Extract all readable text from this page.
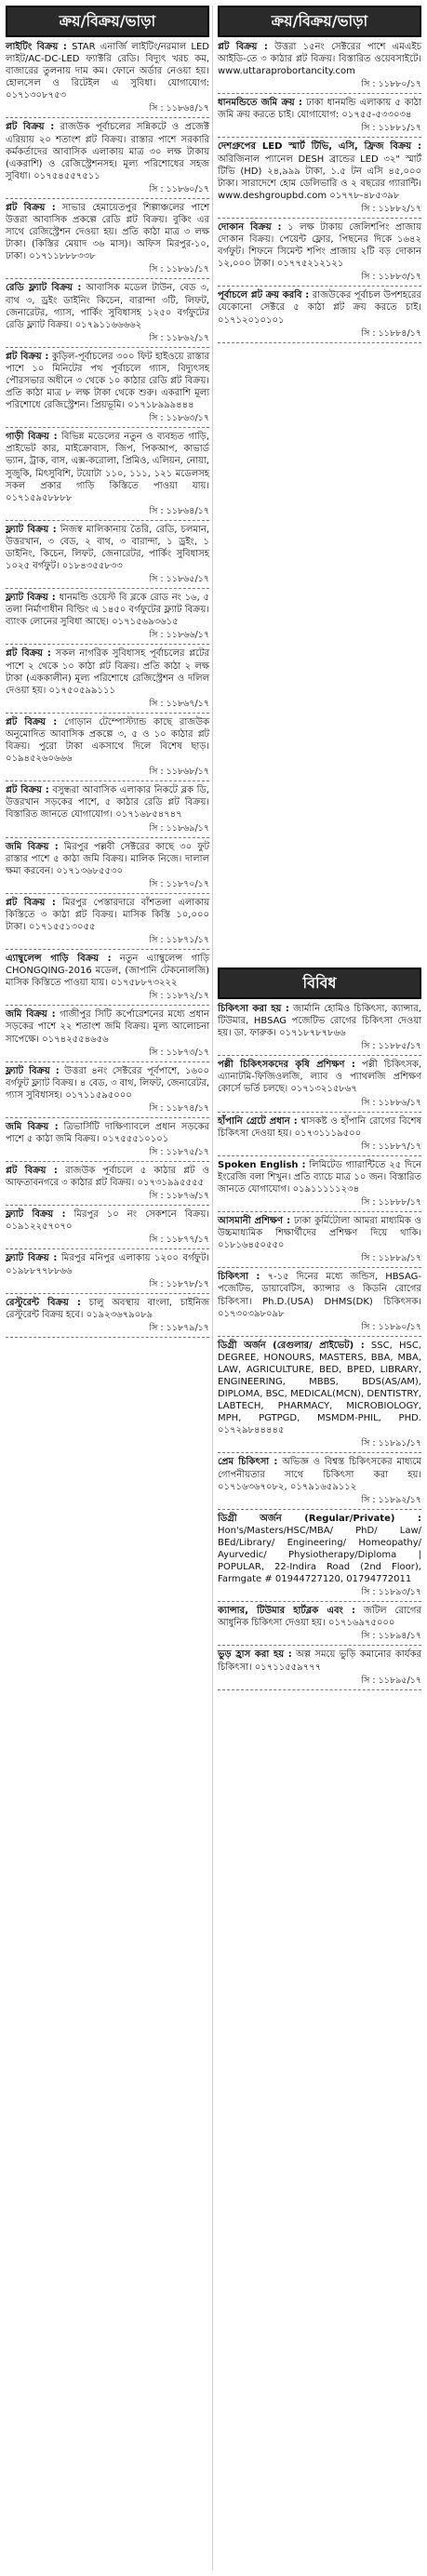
ক্রয়/বিক্রয়/ভাড়া
লাইটিং বিক্রয় : STAR এনার্জি লাইটিং/নরমাল LED লাইট/AC-DC-LED ফ্যাক্টরি রেডি। বিদ্যুৎ খরচ কম, বাজারের তুলনায় দাম কম। ফোনে অর্ডার নেওয়া হয়। হোলসেল ও রিটেইল এ সুবিধা। যোগাযোগ: ০১৭১৩০৮৭৫৩
সি : ১১৮৬৪/১৭
প্লট বিক্রয় : রাজউক পূর্বাচলের সন্নিকটে ও প্রজেক্ট এরিয়ায় ২০ শতাংশ প্লট বিক্রয়। রাস্তার পাশে সরকারি কর্মকর্তাদের আবাসিক এলাকায় মাত্র ৩০ লক্ষ টাকায় (একরাশি) ও রেজিস্ট্রেশনসহ। মূল্য পরিশোধের সহজ সুবিধা। ০১৭৫৪৫৫৭৫১১
সি : ১১৮৬০/১৭
প্লট বিক্রয় : সাভার হেমায়েতপুর শিল্পাঞ্চলের পাশে উত্তরা আবাসিক প্রকল্পে রেডি প্লট বিক্রয়। বুকিং এর সাথে রেজিস্ট্রেশন দেওয়া হয়। প্রতি কাঠা মাত্র ৩ লক্ষ টাকা। (কিস্তির মেয়াদ ৩৬ মাস)। অফিস মিরপুর-১০, ঢাকা। ০১৭১১৮৮৮৩৩৮
সি : ১১৮৬১/১৭
রেডি ফ্ল্যাট বিক্রয় : আবাসিক মডেল টাউন, বেড ৩, বাথ ৩, ড্রইং ডাইনিং কিচেন, বারান্দা ৩টি, লিফট, জেনারেটর, গ্যাস, পার্কিং সুবিধাসহ ১২৫০ বর্গফুটের রেডি ফ্ল্যাট বিক্রয়। ০১৭৯১১৬৬৬৬২
সি : ১১৮৬২/১৭
প্লট বিক্রয় : কুড়িল-পূর্বাচলের ৩০০ ফিট হাইওয়ে রাস্তার পাশে ১০ মিনিটের পথ পূর্বাচলে গ্যাস, বিদ্যুৎসহ পৌরসভার অধীনে ৩ থেকে ১০ কাঠার রেডি প্লট বিক্রয়। প্রতি কাঠা মাত্র ৮ লক্ষ টাকা থেকে শুরু। একরাশি মূল্য পরিশোধে রেজিস্ট্রেশন। প্রিয়ভূমি। ০১৭১৮৯৯৯৪৪৪
সি : ১১৮৬৩/১৭
গাড়ী বিক্রয় : বিভিন্ন মডেলের নতুন ও ব্যবহৃত গাড়ি, প্রাইভেট কার, মাইক্রোবাস, জিপ, পিকআপ, কাভার্ড ভ্যান, ট্রাক, বাস, এক্স-করোলা, প্রিমিও, এলিয়ন, নোয়া, সুজুকি, মিৎসুবিশি, টয়োটা ১১০, ১১১, ১২১ মডেলসহ সকল প্রকার গাড়ি কিস্তিতে পাওয়া যায়। ০১৭১৫৯৫৮৮৮৮
সি : ১১৮৬৪/১৭
ফ্ল্যাট বিক্রয় : নিজস্ব মালিকানায় তৈরি, রেডি, চলমান, উত্তরখান, ৩ বেড, ২ বাথ, ৩ বারান্দা, ১ ড্রইং, ১ ডাইনিং, কিচেন, লিফট, জেনারেটর, পার্কিং সুবিধাসহ ১০২৫ বর্গফুট। ০১৮৪৩৫৫৮৩৩
সি : ১১৮৬৫/১৭
ফ্ল্যাট বিক্রয় : ধানমন্ডি ওয়েস্ট বি ব্লকে রোড নং ১৬, ৫ তলা নির্মাণাধীন বিল্ডিং এ ১৪৫০ বর্গফুটের ফ্ল্যাট বিক্রয়। ব্যাংক লোনের সুবিধা আছে। ০১৭১৫৬৯৩৬১৫
সি : ১১৮৬৬/১৭
প্লট বিক্রয় : সকল নাগরিক সুবিধাসহ পূর্বাচলের প্লটের পাশে ২ থেকে ১০ কাঠা প্লট বিক্রয়। প্রতি কাঠা ২ লক্ষ টাকা (এককালীন) মূল্য পরিশোধে রেজিস্ট্রেশন ও দলিল দেওয়া হয়। ০১৭৫০৫৯৯১১১
সি : ১১৮৬৭/১৭
প্লট বিক্রয় : গোড়ান টেম্পোস্ট্যান্ড কাছে রাজউক অনুমোদিত আবাসিক প্রকল্পে ৩, ৫ ও ১০ কাঠার প্লট বিক্রয়। পুরো টাকা একসাথে দিলে বিশেষ ছাড়। ০১৯৪৫২৬০৬৬৬
সি : ১১৮৬৮/১৭
প্লট বিক্রয় : বসুন্ধরা আবাসিক এলাকার নিকটে ব্লক ডি, উত্তরখান সড়কের পাশে, ৫ কাঠার রেডি প্লট বিক্রয়। বিস্তারিত জানতে যোগাযোগ। ০১৭১৬৮৫৪৭৪৭
সি : ১১৮৬৯/১৭
জমি বিক্রয় : মিরপুর পল্লবী সেক্টরের কাছে ৩০ ফুট রাস্তার পাশে ৫ কাঠা জমি বিক্রয়। মালিক নিজে। দালাল ক্ষমা করবেন। ০১৭১৩৬৮৫৫৩০
সি : ১১৮৭০/১৭
প্লট বিক্রয় : মিরপুর পেস্তারদারে বাঁশতলা এলাকায় কিস্তিতে ৩ কাঠা প্লট বিক্রয়। মাসিক কিস্তি ১০,০০০ টাকা। ০১৭১৫৫১৩০৫৫
সি : ১১৮৭১/১৭
এ্যাম্বুলেন্স গাড়ি বিক্রয় : নতুন এ্যাম্বুলেন্স গাড়ি CHONGQING-2016 মডেল, (জাপানি টেকনোলজি) মাসিক কিস্তিতে পাওয়া যায়। ০১৭৫৮৮৭৩২২২
সি : ১১৮৭২/১৭
জমি বিক্রয় : গাজীপুর সিটি কর্পোরেশনের মধ্যে প্রধান সড়কের পাশে ২২ শতাংশ জমি বিক্রয়। মূল্য আলোচনা সাপেক্ষে। ০১৭৪২৫৫৪৬৫৬
সি : ১১৮৭৩/১৭
ফ্ল্যাট বিক্রয় : উত্তরা ৪নং সেক্টরের পূর্বপাশে, ১৬০০ বর্গফুট ফ্ল্যাট বিক্রয়। ৪ বেড, ৩ বাথ, লিফট, জেনারেটর, গ্যাস সুবিধাসহ। ০১৭১১৫৯৫০০০
সি : ১১৮৭৪/১৭
জমি বিক্রয় : ত্রিভার্সিটি দাক্ষিণ্যাবলে প্রধান সড়কের পাশে ৫ কাঠা জমি বিক্রয়। ০১৭৫৫৫১০১০১
সি : ১১৮৭৫/১৭
প্লট বিক্রয় : রাজউক পূর্বাচলে ৫ কাঠার প্লট ও আফতাবনগরে ৩ কাঠার প্লট বিক্রয়। ০১৭৩১৯৯৫৫৫৫
সি : ১১৮৭৬/১৭
ফ্ল্যাট বিক্রয় : মিরপুর ১০ নং সেকশনে বিক্রয়। ০১৯১২২৫৭০৭০
সি : ১১৮৭৭/১৭
ফ্ল্যাট বিক্রয় : মিরপুর মনিপুর এলাকায় ১২০০ বর্গফুট। ০১৯৮৮৭৭৮৮৬৬
সি : ১১৮৭৮/১৭
রেস্টুরেন্ট বিক্রয় : চালু অবস্থায় বাংলা, চাইনিজ রেস্টুরেন্ট বিক্রয় হবে। ০১৯২৩৬৭৯০৮৯
সি : ১১৮৭৯/১৭
ক্রয়/বিক্রয়/ভাড়া
প্লট বিক্রয় : উত্তরা ১৫নং সেক্টরের পাশে এমএইচ আইডি-তে ৩ কাঠার প্লট বিক্রয়। বিস্তারিত ওয়েবসাইটে। www.uttaraprobortancity.com
সি : ১১৮৮০/১৭
ধানমন্ডিতে জমি ক্রয় : ঢাকা ধানমন্ডি এলাকায় ৫ কাঠা জমি ক্রয় করতে চাই। যোগাযোগ: ০১৭৫৫-৫৩৩০৩৪
সি : ১১৮৮১/১৭
দেশগ্রুপের LED স্মার্ট টিভি, এসি, ফ্রিজ বিক্রয় : অরিজিনাল প্যানেল DESH ব্রান্ডের LED ৩২" স্মার্ট টিভি (HD) ২৪,৯৯৯ টাকা, ১.৫ টন এসি ৪৫,০০০ টাকা। সারাদেশে হোম ডেলিভারি ও ২ বছরের গ্যারান্টি। www.deshgroupbd.com ০১৭৭৮-৪৮৫৩৯৮
সি : ১১৮৮২/১৭
দোকান বিক্রয় : ১ লক্ষ টাকায় জেলিশপিং প্রাজায় দোকান বিক্রয়। পেয়েন্ট ফ্লোর, পিছনের দিকে ১৬৪২ বর্গফুট। শিফনে সিমেন্ট শপিং প্রাজায় ২টি বড় দোকান ১২,০০০ টাকা। ০১৭৭৫২১২১২১
সি : ১১৮৮৩/১৭
পূর্বাচলে প্লট ক্রয় করবি : রাজউকের পূর্বাচল উপশহরের যেকোনো সেক্টরে ৫ কাঠা প্লট ক্রয় করতে চাই। ০১৭১২০১০১০১
সি : ১১৮৮৪/১৭
বিবিধ
চিকিৎসা করা হয় : জার্মানি হোমিও চিকিৎসা, ক্যান্সার, টিউমার, HBSAG পজেটিভ রোগের চিকিৎসা দেওয়া হয়। ডা. ফারুক। ০১৭১৮৭৮৭৮৬৬
সি : ১১৮৮৫/১৭
পল্লী চিকিৎসকদের কৃষি প্রশিক্ষণ : পল্লী চিকিৎসক, এ্যানাটমি-ফিজিওলজি, ল্যাব ও প্যাথলজি প্রশিক্ষণ কোর্সে ভর্তি চলছে। ০১৭১৩২১৫৮৬৭
সি : ১১৮৮৬/১৭
হাঁপানি গ্রেটে প্রধান : শ্বাসকষ্ট ও হাঁপানি রোগের বিশেষ চিকিৎসা দেওয়া হয়। ০১৭৩১১১৯৫০০
সি : ১১৮৮৭/১৭
Spoken English : লিমিটেড গ্যারান্টিতে ২৫ দিনে ইংরেজি বলা শিখুন। প্রতি ব্যাচে মাত্র ১০ জন। বিস্তারিত জানতে যোগাযোগ। ০১৯১১১১১২৩৪
সি : ১১৮৮৮/১৭
আসমানী প্রশিক্ষণ : ঢাকা কুর্মিটোলা আমরা মাধ্যমিক ও উচ্চমাধ্যমিক শিক্ষার্থীদের প্রশিক্ষণ দিয়ে থাকি। ০১৮১৬৪৫০৫৫০
সি : ১১৮৮৯/১৭
চিকিৎসা : ৭-১৫ দিনের মধ্যে জন্ডিস, HBSAG-পজেটিভ, ডায়াবেটিস, ক্যান্সার ও কিডনি রোগের চিকিৎসা। Ph.D.(USA) DHMS(DK) চিকিৎসক। ০১৭৩০৩৯৮০৯৮
সি : ১১৮৯০/১৭
ডিগ্রী অর্জন (রেগুলার/ প্রাইভেট) : SSC, HSC, DEGREE, HONOURS, MASTERS, BBA, MBA, LAW, AGRICULTURE, BED, BPED, LIBRARY, ENGINEERING, MBBS, BDS(AS/AM), DIPLOMA, BSC, MEDICAL(MCN), DENTISTRY, LABTECH, PHARMACY, MICROBIOLOGY, MPH, PGTPGD, MSMDM-PHIL, PHD. ০১৭২৯৮৪৪৪৪৫
সি : ১১৮৯১/১৭
প্রেম চিকিৎসা : অভিজ্ঞ ও বিশ্বস্ত চিকিৎসকের মাধ্যমে গোপনীয়তার সাথে চিকিৎসা করা হয়। ০১৭১৬৩৬৭০৮২, ০১৭৯১৬৫৯১১২
সি : ১১৮৯২/১৭
ডিগ্রী অর্জন (Regular/Private) : Hon's/Masters/HSC/MBA/ PhD/ Law/ BEd/Library/ Engineering/ Homeopathy/ Ayurvedic/ Physiotherapy/Diploma | POPULAR, 22-Indira Road (2nd Floor), Farmgate # 01944727120, 01794772011
সি : ১১৮৯৩/১৭
ক্যান্সার, টিউমার হার্টব্লক এবং : জটিল রোগের আধুনিক চিকিৎসা দেওয়া হয়। ০১৭১৬৯৭৫০০০
সি : ১১৮৯৪/১৭
ভুড় হ্রাস করা হয় : অল্প সময়ে ভুড়ি কমানোর কার্যকর চিকিৎসা। ০১৭১১৫৫৯৭৭৭
সি : ১১৮৯৫/১৭
